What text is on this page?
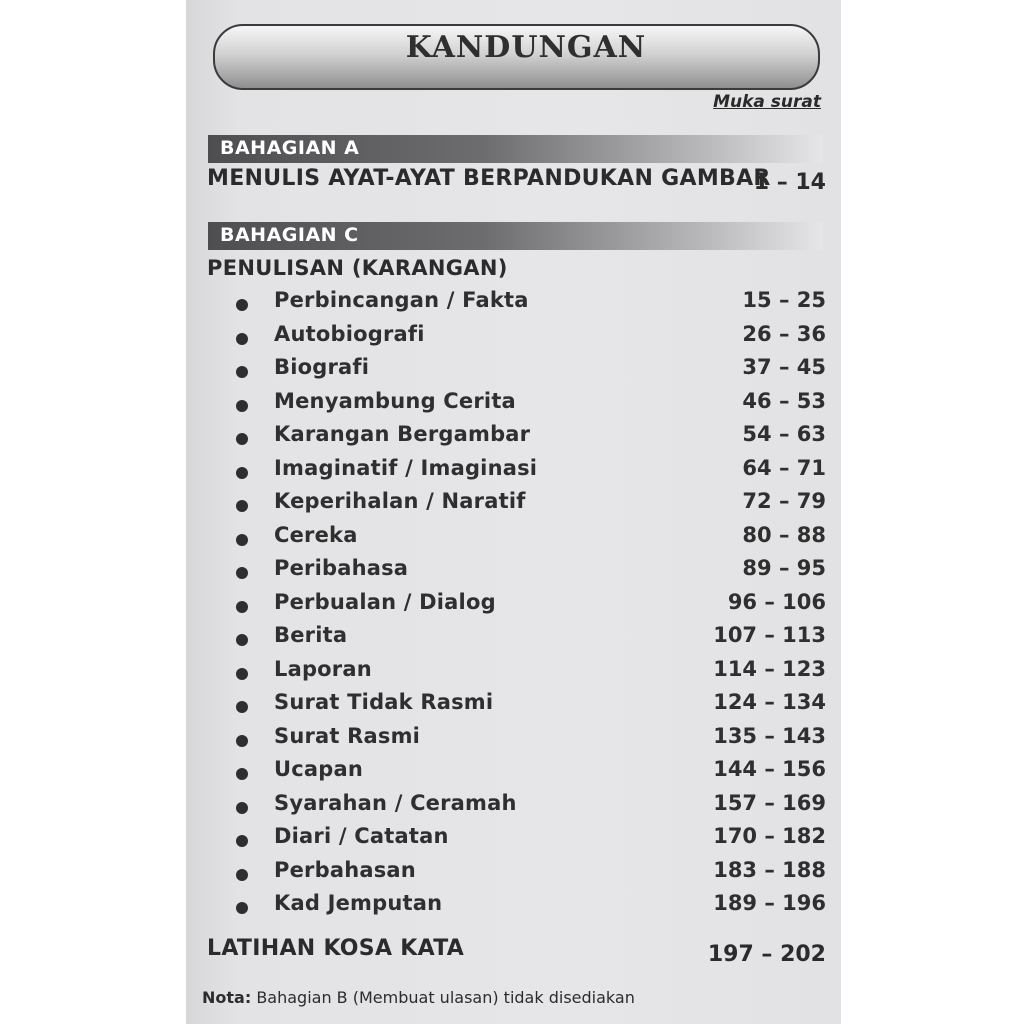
KANDUNGAN
Muka surat
BAHAGIAN A
MENULIS AYAT-AYAT BERPANDUKAN GAMBAR
1 – 14
BAHAGIAN C
PENULISAN (KARANGAN)
Perbincangan / Fakta	15 – 25
Autobiografi	26 – 36
Biografi	37 – 45
Menyambung Cerita	46 – 53
Karangan Bergambar	54 – 63
Imaginatif / Imaginasi	64 – 71
Keperihalan / Naratif	72 – 79
Cereka	80 – 88
Peribahasa	89 – 95
Perbualan / Dialog	96 – 106
Berita	107 – 113
Laporan	114 – 123
Surat Tidak Rasmi	124 – 134
Surat Rasmi	135 – 143
Ucapan	144 – 156
Syarahan / Ceramah	157 – 169
Diari / Catatan	170 – 182
Perbahasan	183 – 188
Kad Jemputan	189 – 196
LATIHAN KOSA KATA	197 – 202
Nota: Bahagian B (Membuat ulasan) tidak disediakan
